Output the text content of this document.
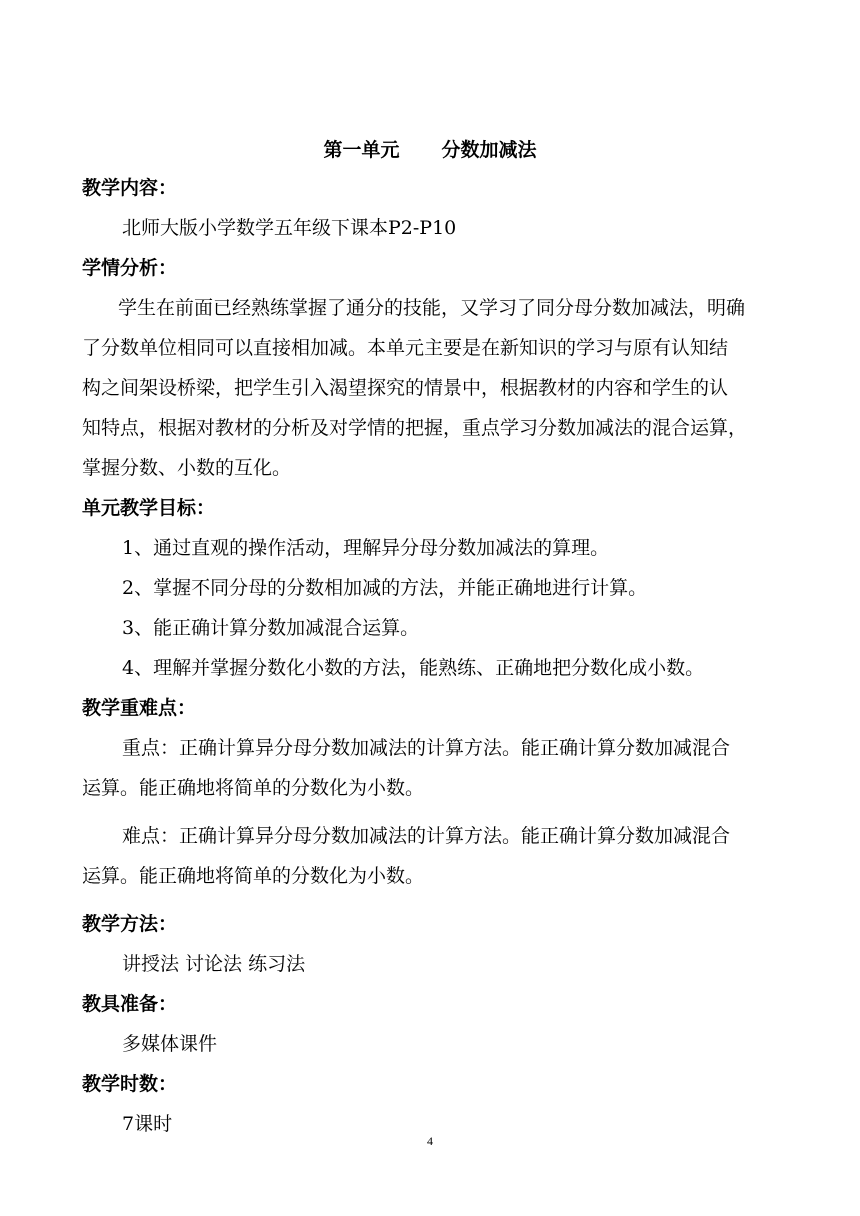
第一单元 分数加减法
教学内容：
北师大版小学数学五年级下课本P2-P10
学情分析：
学生在前面已经熟练掌握了通分的技能，又学习了同分母分数加减法，明确
了分数单位相同可以直接相加减。本单元主要是在新知识的学习与原有认知结
构之间架设桥梁，把学生引入渴望探究的情景中，根据教材的内容和学生的认
知特点，根据对教材的分析及对学情的把握，重点学习分数加减法的混合运算，
掌握分数、小数的互化。
单元教学目标：
1、通过直观的操作活动，理解异分母分数加减法的算理。
2、掌握不同分母的分数相加减的方法，并能正确地进行计算。
3、能正确计算分数加减混合运算。
4、理解并掌握分数化小数的方法，能熟练、正确地把分数化成小数。
教学重难点：
重点：正确计算异分母分数加减法的计算方法。能正确计算分数加减混合
运算。能正确地将简单的分数化为小数。
难点：正确计算异分母分数加减法的计算方法。能正确计算分数加减混合
运算。能正确地将简单的分数化为小数。
教学方法：
讲授法 讨论法 练习法
教具准备：
多媒体课件
教学时数：
7课时
4
